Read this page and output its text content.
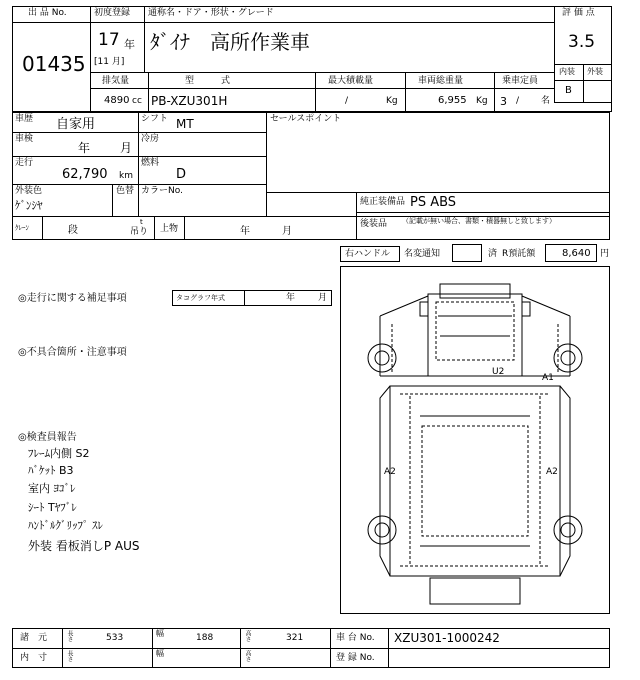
出 品 No.
01435
初度登録
17 年
[11 月]
通称名・ドア・形状・グレード
ﾀﾞｲﾅ　高所作業車
評 価 点
3.5
内装 外装
B
排気量
4890 cc
型　　　式
PB-XZU301H
最大積載量
/	Kg
車両総重量
6,955 Kg
乗車定員
3 / 名
車歴 自家用	シフト MT	セールスポイント
車検
年 月
冷房
走行
62,790 km
燃料
D
外装色
ｹﾞﾝｼﾔ
色替 カラーNo.
純正装備品 PS ABS
後装品 （記載が無い場合、書類・積器無しと致します）
ｸﾚｰﾝ	段
t
吊り 上物	年	月
右ハンドル 名変通知	済 R預託額	8,640 円
◎走行に関する補足事項	タコグラフ年式	年	月
◎不具合箇所・注意事項
◎検査員報告
ﾌﾚｰﾑ内側 S2
ﾊﾞｹｯﾄ B3
室内 ﾖｺﾞﾚ
ｼｰﾄ Tﾔﾌﾞﾚ
ﾊﾝﾄﾞﾙｸﾞﾘｯﾌﾟ ｽﾚ
外装 看板消しP AUS
U2
A1
A2	A2
諸　元	長さ	533	幅	188	高さ	321	車 台 No. XZU301-1000242
内　寸	長さ	幅	高さ	登 録 No.
